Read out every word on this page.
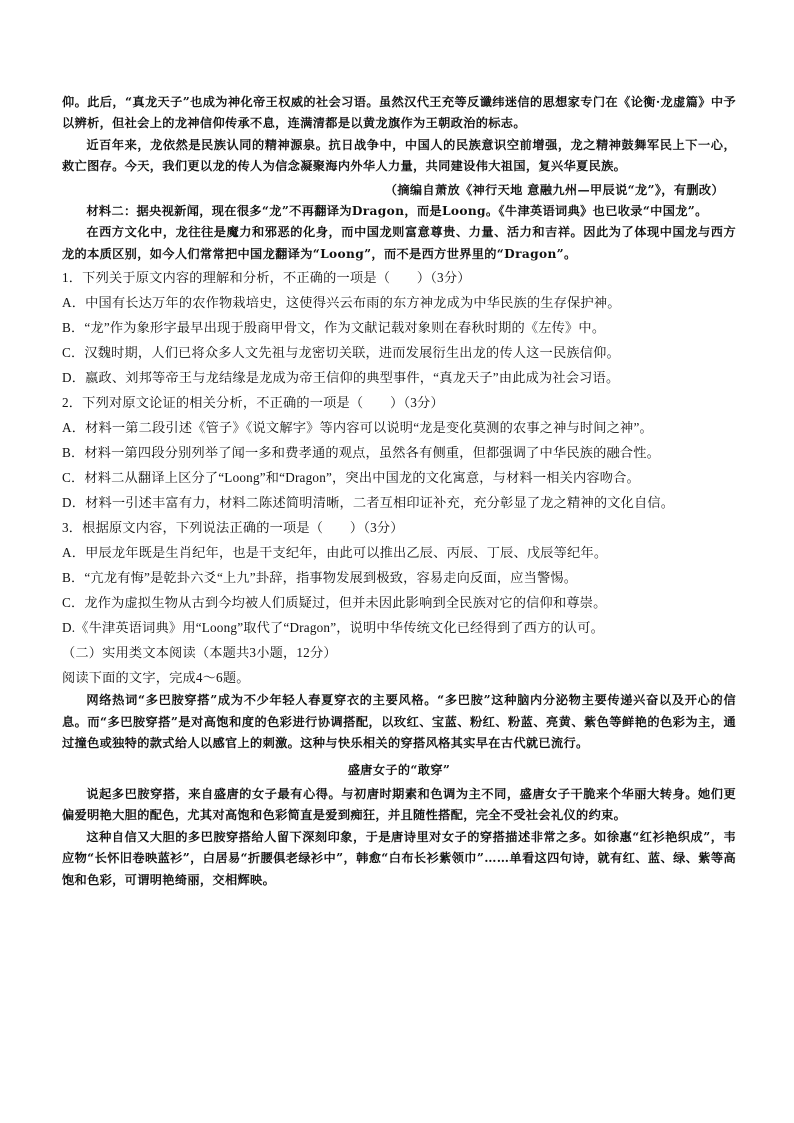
仰。此后，“真龙天子”也成为神化帝王权威的社会习语。虽然汉代王充等反谶纬迷信的思想家专门在《论衡·龙虚篇》中予以辨析，但社会上的龙神信仰传承不息，连满清都是以黄龙旗作为王朝政治的标志。

近百年来，龙依然是民族认同的精神源泉。抗日战争中，中国人的民族意识空前增强，龙之精神鼓舞军民上下一心，救亡图存。今天，我们更以龙的传人为信念凝聚海内外华人力量，共同建设伟大祖国，复兴华夏民族。

（摘编自萧放《神行天地 意融九州—甲辰说“龙”》，有删改）

材料二：据央视新闻，现在很多“龙”不再翻译为Dragon，而是Loong。《牛津英语词典》也已收录“中国龙”。

在西方文化中，龙往往是魔力和邪恶的化身，而中国龙则富意尊贵、力量、活力和吉祥。因此为了体现中国龙与西方龙的本质区别，如今人们常常把中国龙翻译为“Loong”，而不是西方世界里的“Dragon”。

1．下列关于原文内容的理解和分析，不正确的一项是（　　）（3分）

A．中国有长达万年的农作物栽培史，这使得兴云布雨的东方神龙成为中华民族的生存保护神。

B．“龙”作为象形字最早出现于殷商甲骨文，作为文献记载对象则在春秋时期的《左传》中。

C．汉魏时期，人们已将众多人文先祖与龙密切关联，进而发展衍生出龙的传人这一民族信仰。

D．嬴政、刘邦等帝王与龙结缘是龙成为帝王信仰的典型事件，“真龙天子”由此成为社会习语。

2．下列对原文论证的相关分析，不正确的一项是（　　）（3分）

A．材料一第二段引述《管子》《说文解字》等内容可以说明“龙是变化莫测的农事之神与时间之神”。

B．材料一第四段分别列举了闻一多和费孝通的观点，虽然各有侧重，但都强调了中华民族的融合性。

C．材料二从翻译上区分了“Loong”和“Dragon”，突出中国龙的文化寓意，与材料一相关内容吻合。

D．材料一引述丰富有力，材料二陈述简明清晰，二者互相印证补充，充分彰显了龙之精神的文化自信。

3．根据原文内容，下列说法正确的一项是（　　）（3分）

A．甲辰龙年既是生肖纪年，也是干支纪年，由此可以推出乙辰、丙辰、丁辰、戊辰等纪年。

B．“亢龙有悔”是乾卦六爻“上九”卦辞，指事物发展到极致，容易走向反面，应当警惕。

C．龙作为虚拟生物从古到今均被人们质疑过，但并未因此影响到全民族对它的信仰和尊崇。

D.《牛津英语词典》用“Loong”取代了“Dragon”，说明中华传统文化已经得到了西方的认可。

（二）实用类文本阅读（本题共3小题，12分）

阅读下面的文字，完成4～6题。

网络热词“多巴胺穿搭”成为不少年轻人春夏穿衣的主要风格。“多巴胺”这种脑内分泌物主要传递兴奋以及开心的信息。而“多巴胺穿搭”是对高饱和度的色彩进行协调搭配，以玫红、宝蓝、粉红、粉蓝、亮黄、紫色等鲜艳的色彩为主，通过撞色或独特的款式给人以感官上的刺激。这种与快乐相关的穿搭风格其实早在古代就已流行。

盛唐女子的“敢穿”

说起多巴胺穿搭，来自盛唐的女子最有心得。与初唐时期素和色调为主不同，盛唐女子干脆来个华丽大转身。她们更偏爱明艳大胆的配色，尤其对高饱和色彩简直是爱到痴狂，并且随性搭配，完全不受社会礼仪的约束。

这种自信又大胆的多巴胺穿搭给人留下深刻印象，于是唐诗里对女子的穿搭描述非常之多。如徐惠“红衫艳织成”，韦应物“长怀旧卷映蓝衫”，白居易“折腰俱老绿衫中”，韩愈“白布长衫紫领巾”……单看这四句诗，就有红、蓝、绿、紫等高饱和色彩，可谓明艳绮丽，交相辉映。
